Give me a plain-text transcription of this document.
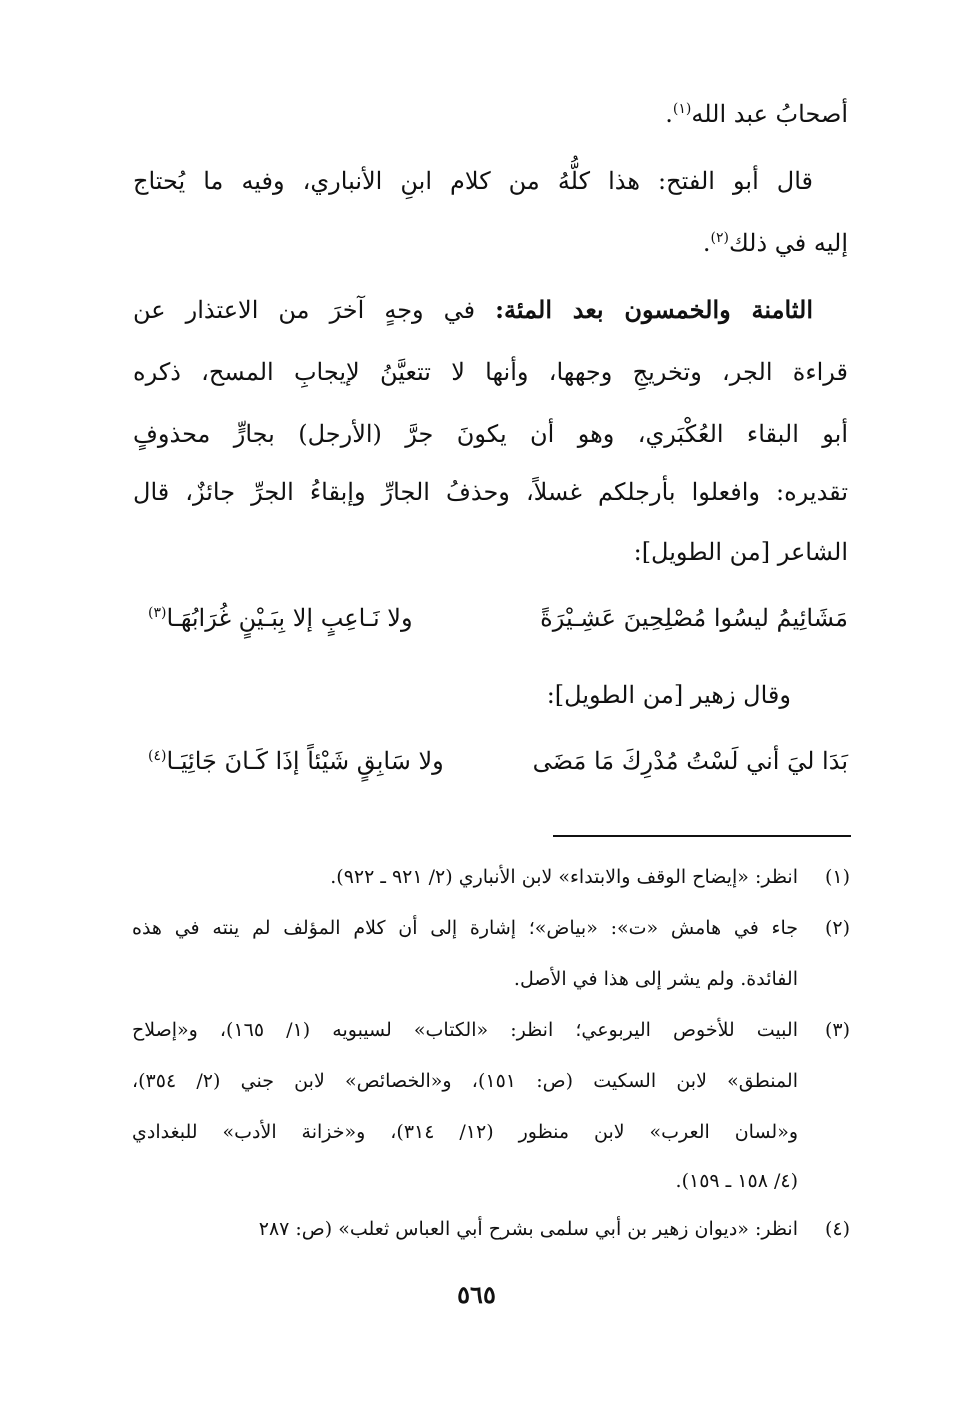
أصحابُ عبد الله$^{(١)}$.
قال أبو الفتح: هذا كلُّهُ من كلام ابنِ الأنباري، وفيه ما يُحتاج
إليه في ذلك$^{(٢)}$.
الثامنة والخمسون بعد المئة: في وجهٍ آخرَ من الاعتذار عن
قراءة الجر، وتخريجِ وجهها، وأنها لا تتعيَّنُ لإيجابِ المسح، ذكره
أبو البقاء العُكْبَري، وهو أن يكونَ جرَّ (الأرجل) بجارٍّ محذوفٍ
تقديره: وافعلوا بأرجلكم غسلاً، وحذفُ الجارِّ وإبقاءُ الجرِّ جائزٌ، قال
الشاعر [من الطويل]:
مَشَائِيمُ ليسُوا مُصْلِحِينَ عَشِـيْرَةً
ولا نَـاعِبٍ إلا بِبَـيْنٍ غُرَابُهَـا$^{(٣)}$
وقال زهير [من الطويل]:
بَدَا ليَ أني لَسْتُ مُدْرِكَ مَا مَضَى
ولا سَابِقٍ شَيْئاً إذَا كَـانَ جَائِيَـا$^{(٤)}$
(١)
انظر: «إيضاح الوقف والابتداء» لابن الأنباري (٢/ ٩٢١ ـ ٩٢٢).
(٢)
جاء في هامش «ت»: «بياض»؛ إشارة إلى أن كلام المؤلف لم ينته في هذه
الفائدة. ولم يشر إلى هذا في الأصل.
(٣)
البيت للأخوص اليربوعي؛ انظر: «الكتاب» لسيبويه (١/ ١٦٥)، و«إصلاح
المنطق» لابن السكيت (ص: ١٥١)، و«الخصائص» لابن جني (٢/ ٣٥٤)،
و«لسان العرب» لابن منظور (١٢/ ٣١٤)، و«خزانة الأدب» للبغدادي
(٤/ ١٥٨ ـ ١٥٩).
(٤)
انظر: «ديوان زهير بن أبي سلمى بشرح أبي العباس ثعلب» (ص: ٢٨٧
٥٦٥
